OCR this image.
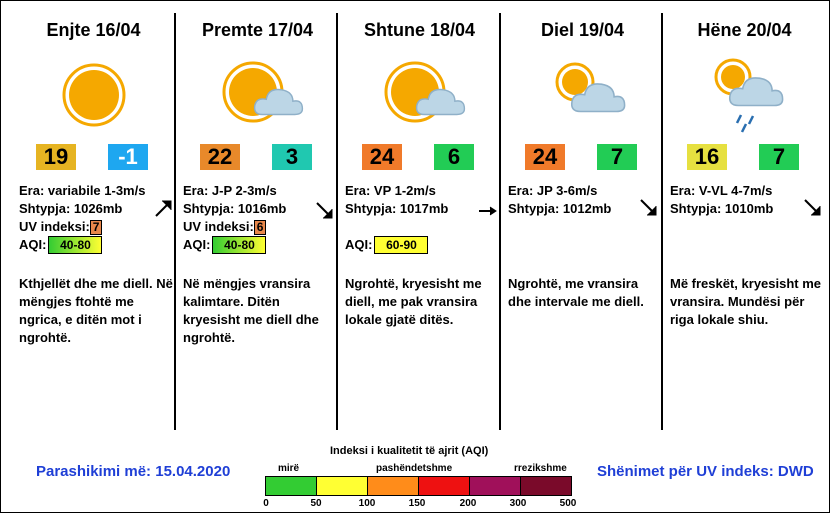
Enjte 16/04
19	-1
Era: variabile 1-3m/s
Shtypja: 1026mb
UV indeksi: 7
AQI: 40-80
Kthjellët dhe me diell. Në mëngjes ftohtë me ngrica, e ditën mot i ngrohtë.
Premte 17/04
22	3
Era: J-P 2-3m/s
Shtypja: 1016mb
UV indeksi: 6
AQI: 40-80
Në mëngjes vransira kalimtare. Ditën kryesisht me diell dhe ngrohtë.
Shtune 18/04
24	6
Era: VP 1-2m/s
Shtypja: 1017mb
AQI: 60-90
Ngrohtë, kryesisht me diell, me pak vransira lokale gjatë ditës.
Diel 19/04
24	7
Era: JP 3-6m/s
Shtypja: 1012mb
Ngrohtë, me vransira dhe intervale me diell.
Hëne 20/04
16	7
Era: V-VL 4-7m/s
Shtypja: 1010mb
Më freskët, kryesisht me vransira. Mundësi për riga lokale shiu.
Parashikimi më: 15.04.2020	Shënimet për UV indeks: DWD
Indeksi i kualitetit të ajrit (AQI)
mirë	pashëndetshme	rrezikshme
0	50	100	150	200	300	500
